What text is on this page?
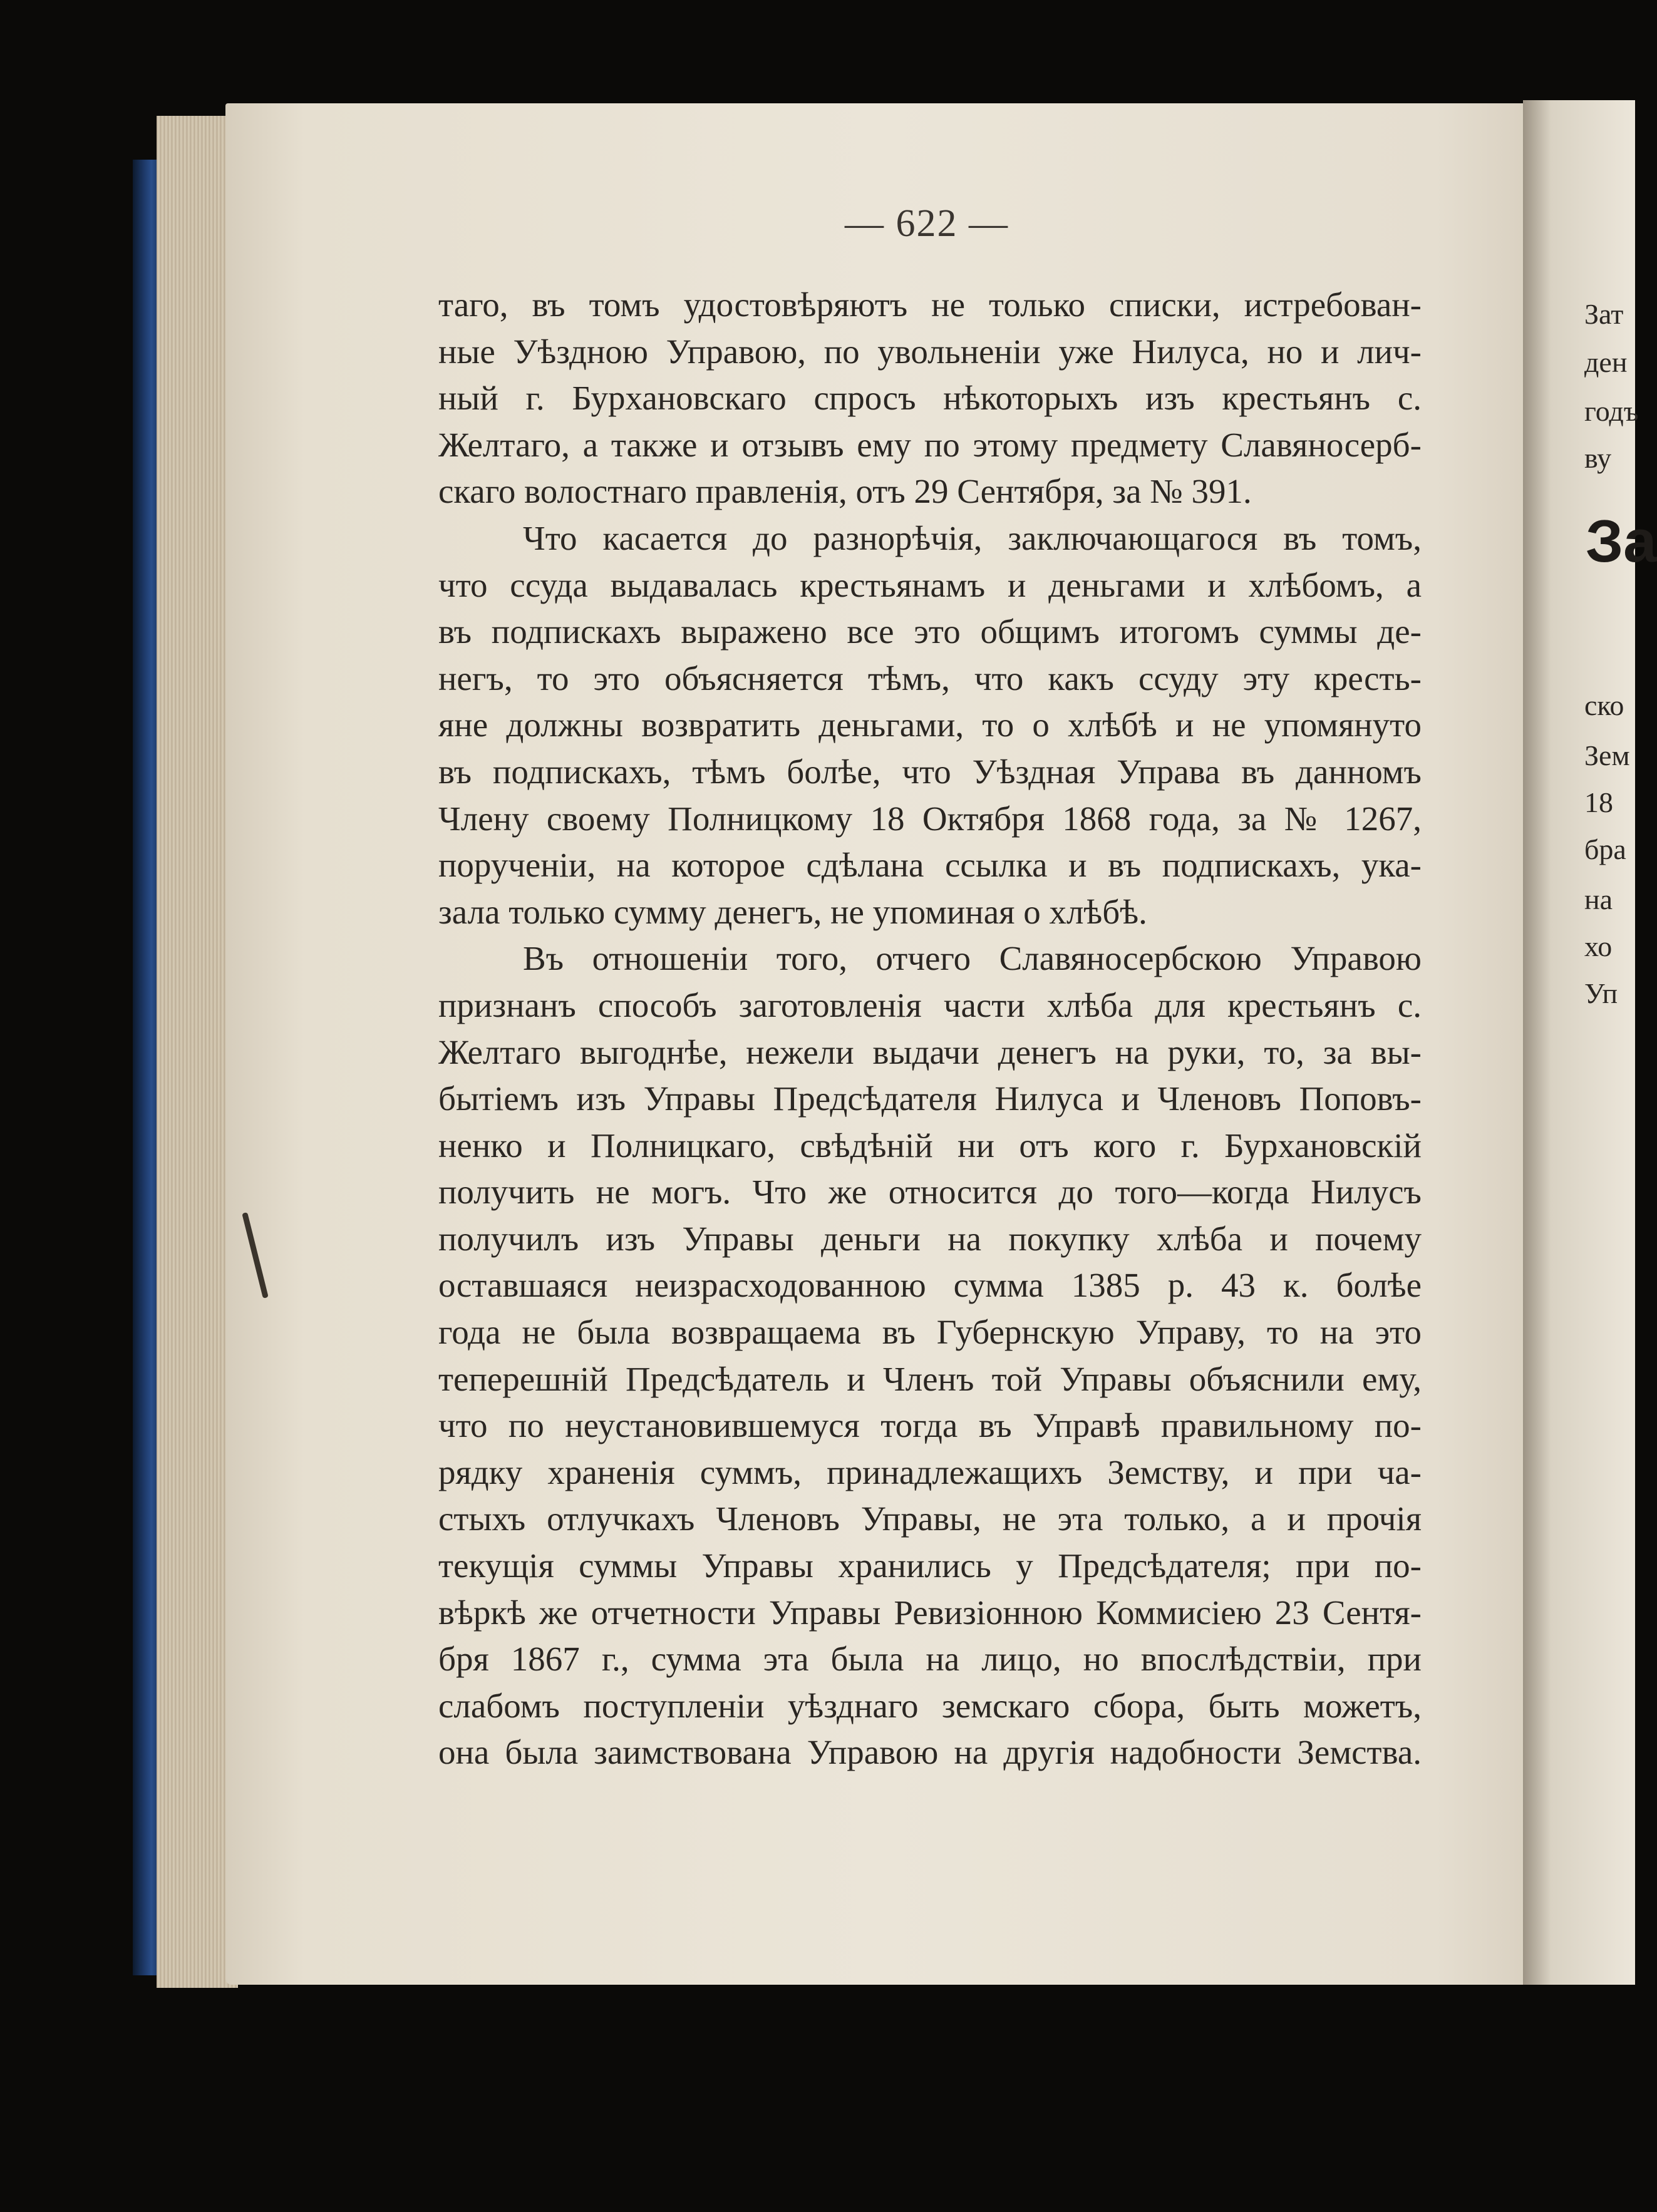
— 622 —
таго, въ томъ удостовѣряютъ не только списки, истребован-
ные Уѣздною Управою, по увольненіи уже Нилуса, но и лич-
ный г. Бурхановскаго спросъ нѣкоторыхъ изъ крестьянъ с.
Желтаго, а также и отзывъ ему по этому предмету Славяносерб-
скаго волостнаго правленія, отъ 29 Сентября, за № 391.
Что касается до разнорѣчія, заключающагося въ томъ,
что ссуда выдавалась крестьянамъ и деньгами и хлѣбомъ, а
въ подпискахъ выражено все это общимъ итогомъ суммы де-
негъ, то это объясняется тѣмъ, что какъ ссуду эту кресть-
яне должны возвратить деньгами, то о хлѣбѣ и не упомянуто
въ подпискахъ, тѣмъ болѣе, что Уѣздная Управа въ данномъ
Члену своему Полницкому 18 Октября 1868 года, за № 1267,
порученіи, на которое сдѣлана ссылка и въ подпискахъ, ука-
зала только сумму денегъ, не упоминая о хлѣбѣ.
Въ отношеніи того, отчего Славяносербскою Управою
признанъ способъ заготовленія части хлѣба для крестьянъ с.
Желтаго выгоднѣе, нежели выдачи денегъ на руки, то, за вы-
бытіемъ изъ Управы Предсѣдателя Нилуса и Членовъ Поповъ-
ненко и Полницкаго, свѣдѣній ни отъ кого г. Бурхановскій
получить не могъ. Что же относится до того—когда Нилусъ
получилъ изъ Управы деньги на покупку хлѣба и почему
оставшаяся неизрасходованною сумма 1385 р. 43 к. болѣе
года не была возвращаема въ Губернскую Управу, то на это
теперешній Предсѣдатель и Членъ той Управы объяснили ему,
что по неустановившемуся тогда въ Управѣ правильному по-
рядку храненія суммъ, принадлежащихъ Земству, и при ча-
стыхъ отлучкахъ Членовъ Управы, не эта только, а и прочія
текущія суммы Управы хранились у Предсѣдателя; при по-
вѣркѣ же отчетности Управы Ревизіонною Коммисіею 23 Сентя-
бря 1867 г., сумма эта была на лицо, но впослѣдствіи, при
слабомъ поступленіи уѣзднаго земскаго сбора, быть можетъ,
она была заимствована Управою на другія надобности Земства.
Зат
ден
годъ
ву
ско
Зем
18
бра
на
хо
Уп
За
